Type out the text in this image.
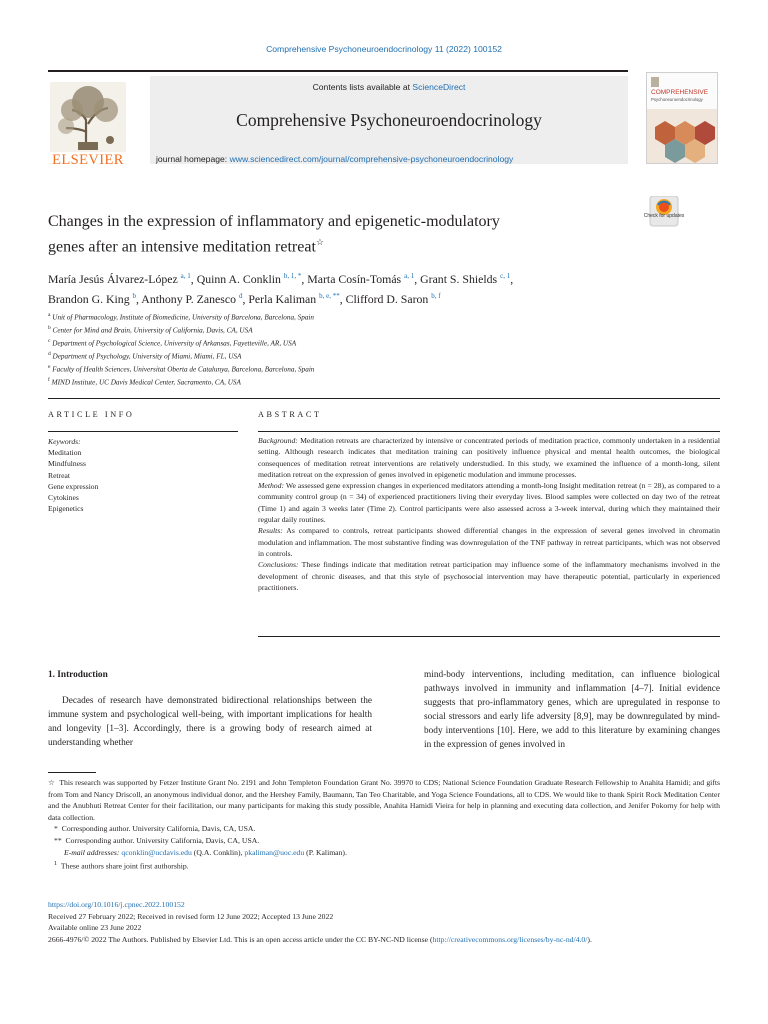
Comprehensive Psychoneuroendocrinology 11 (2022) 100152
ELSEVIER
Contents lists available at ScienceDirect
Comprehensive Psychoneuroendocrinology
journal homepage: www.sciencedirect.com/journal/comprehensive-psychoneuroendocrinology
COMPREHENSIVE
Psychoneuroendocrinology
Changes in the expression of inflammatory and epigenetic-modulatory
genes after an intensive meditation retreat☆
Check for updates
María Jesús Álvarez-López $^{a, 1}$, Quinn A. Conklin $^{b, 1, *}$, Marta Cosín-Tomás $^{a, 1}$, Grant S. Shields $^{c, 1}$,
Brandon G. King $^b$, Anthony P. Zanesco $^d$, Perla Kaliman $^{b, e, **}$, Clifford D. Saron $^{b, f}$
$^a$ Unit of Pharmacology, Institute of Biomedicine, University of Barcelona, Barcelona, Spain
$^b$ Center for Mind and Brain, University of California, Davis, CA, USA
$^c$ Department of Psychological Science, University of Arkansas, Fayetteville, AR, USA
$^d$ Department of Psychology, University of Miami, Miami, FL, USA
$^e$ Faculty of Health Sciences, Universitat Oberta de Catalunya, Barcelona, Barcelona, Spain
$^f$ MIND Institute, UC Davis Medical Center, Sacramento, CA, USA
ARTICLE INFO	ABSTRACT
Keywords:
Meditation
Mindfulness
Retreat
Gene expression
Cytokines
Epigenetics
Background: Meditation retreats are characterized by intensive or concentrated periods of meditation practice, commonly undertaken in a residential setting. Although research indicates that meditation training can positively influence physical and mental health outcomes, the biological consequences of meditation retreat interventions are relatively understudied. In this study, we examined the influence of a month-long, silent meditation retreat on the expression of genes involved in epigenetic modulation and immune processes.
Method: We assessed gene expression changes in experienced meditators attending a month-long Insight meditation retreat (n = 28), as compared to a community control group (n = 34) of experienced practitioners living their everyday lives. Blood samples were collected on day two of the retreat (Time 1) and again 3 weeks later (Time 2). Control participants were also assessed across a 3-week interval, during which they maintained their regular daily routines.
Results: As compared to controls, retreat participants showed differential changes in the expression of several genes involved in chromatin modulation and inflammation. The most substantive finding was downregulation of the TNF pathway in retreat participants, which was not observed in controls.
Conclusions: These findings indicate that meditation retreat participation may influence some of the inflammatory mechanisms involved in the development of chronic diseases, and that this style of psychosocial intervention may have therapeutic potential, particularly in experienced practitioners.
1. Introduction

Decades of research have demonstrated bidirectional relationships between the immune system and psychological well-being, with important implications for health and longevity [1–3]. Accordingly, there is a growing body of research aimed at understanding whether

mind-body interventions, including meditation, can influence biological pathways involved in immunity and inflammation [4–7]. Initial evidence suggests that pro-inflammatory genes, which are upregulated in response to social stressors and early life adversity [8,9], may be downregulated by mind-body interventions [10]. Here, we add to this literature by examining changes in the expression of genes involved in

☆ This research was supported by Fetzer Institute Grant No. 2191 and John Templeton Foundation Grant No. 39970 to CDS; National Science Foundation Graduate Research Fellowship to Anahita Hamidi; and gifts from Tom and Nancy Driscoll, an anonymous individual donor, and the Hershey Family, Baumann, Tan Teo Charitable, and Yoga Science Foundations, all to CDS. We would like to thank Spirit Rock Meditation Center and the Anubhuti Retreat Center for their facilitation, our many participants for making this study possible, Anahita Hamidi Vieira for help in planning and executing data collection, and Jenifer Pokorny for help with data collection.
* Corresponding author. University California, Davis, CA, USA.
** Corresponding author. University California, Davis, CA, USA.
E-mail addresses: qconklin@ucdavis.edu (Q.A. Conklin), pkaliman@uoc.edu (P. Kaliman).
$^1$ These authors share joint first authorship.
https://doi.org/10.1016/j.cpnec.2022.100152
Received 27 February 2022; Received in revised form 12 June 2022; Accepted 13 June 2022
Available online 23 June 2022
2666-4976/© 2022 The Authors. Published by Elsevier Ltd. This is an open access article under the CC BY-NC-ND license (http://creativecommons.org/licenses/by-nc-nd/4.0/).
